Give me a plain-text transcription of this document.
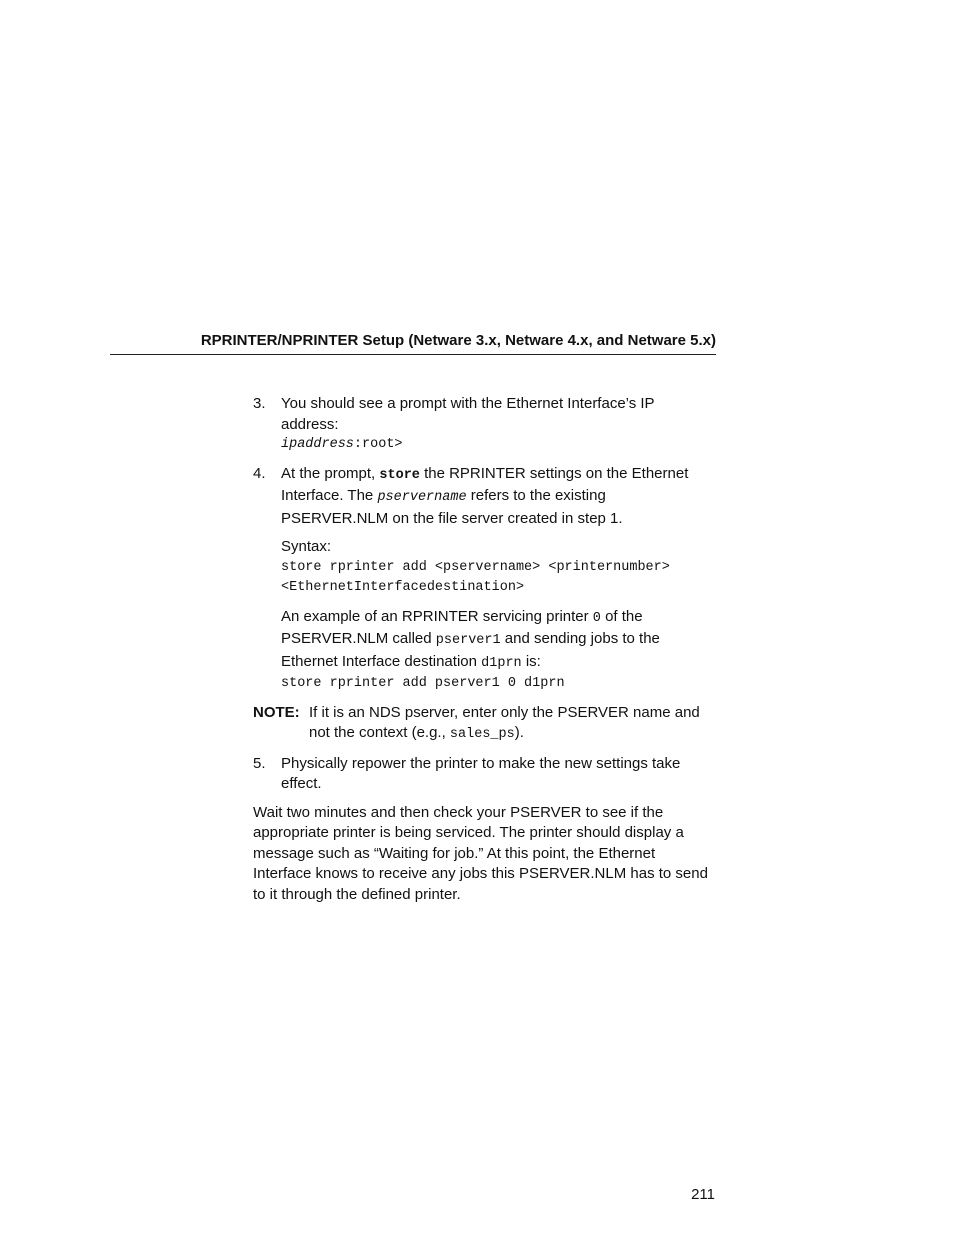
RPRINTER/NPRINTER Setup (Netware 3.x, Netware 4.x, and Netware 5.x)
3. You should see a prompt with the Ethernet Interface’s IP address:
ipaddress:root>
4. At the prompt, store the RPRINTER settings on the Ethernet Interface. The pservername refers to the existing PSERVER.NLM on the file server created in step 1.
Syntax:
store rprinter add <pservername> <printernumber>
<EthernetInterfacedestination>
An example of an RPRINTER servicing printer 0 of the PSERVER.NLM called pserver1 and sending jobs to the Ethernet Interface destination d1prn is:
store rprinter add pserver1 0 d1prn
NOTE: If it is an NDS pserver, enter only the PSERVER name and not the context (e.g., sales_ps).
5. Physically repower the printer to make the new settings take effect.
Wait two minutes and then check your PSERVER to see if the appropriate printer is being serviced. The printer should display a message such as “Waiting for job.” At this point, the Ethernet Interface knows to receive any jobs this PSERVER.NLM has to send to it through the defined printer.
211
